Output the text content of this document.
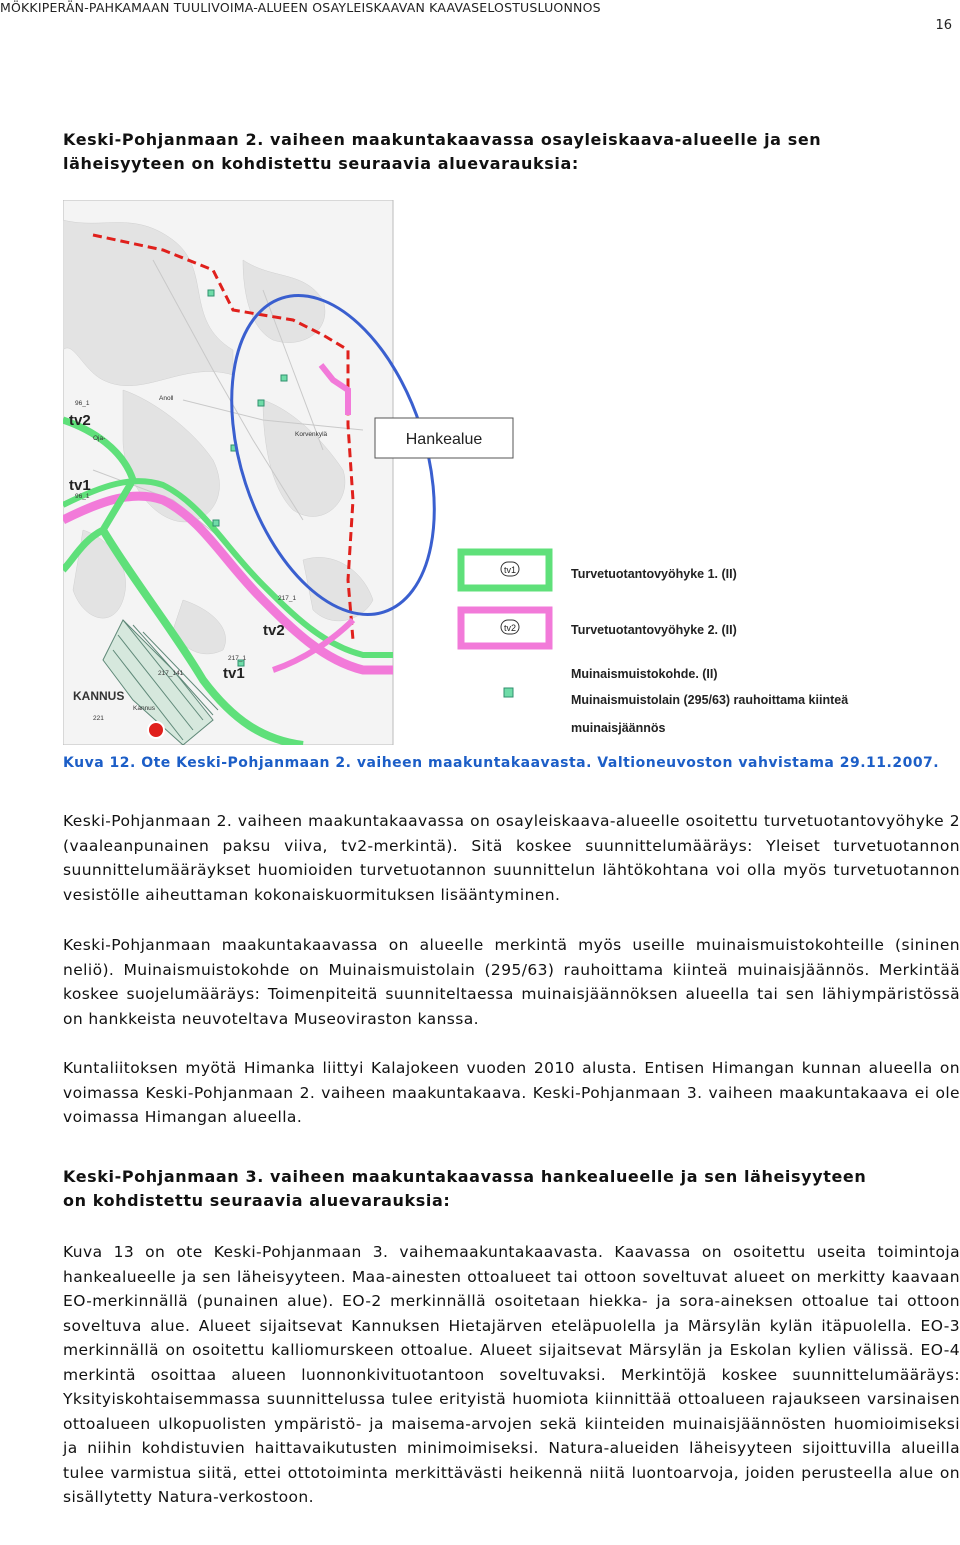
MÖKKIPERÄN-PAHKAMAAN TUULIVOIMA-ALUEEN OSAYLEISKAAVAN KAAVASELOSTUSLUONNOS
16
Keski-Pohjanmaan 2. vaiheen maakuntakaavassa osayleiskaava-alueelle ja sen läheisyyteen on kohdistettu seuraavia aluevarauksia:
tv2
tv1
tv2
tv1
KANNUS
96_1
96_1
217_1
217_1
217_141
221
Korvenkylä
Oja-
Anoll
Kannus
Hankealue
tv1	Turvetuotantovyöhyke 1. (II)
tv2	Turvetuotantovyöhyke 2. (II)
Muinaismuistokohde. (II)
Muinaismuistolain (295/63) rauhoittama kiinteä
muinaisjäännös
Kuva 12. Ote Keski-Pohjanmaan 2. vaiheen maakuntakaavasta. Valtioneuvoston vahvistama 29.11.2007.

Keski-Pohjanmaan 2. vaiheen maakuntakaavassa on osayleiskaava-alueelle osoitettu turvetuotantovyöhyke 2 (vaaleanpunainen paksu viiva, tv2-merkintä). Sitä koskee suunnittelumääräys: Yleiset turvetuotannon suunnittelumääräykset huomioiden turvetuotannon suunnittelun lähtökohtana voi olla myös turvetuotannon vesistölle aiheuttaman kokonaiskuormituksen lisääntyminen.

Keski-Pohjanmaan maakuntakaavassa on alueelle merkintä myös useille muinaismuistokohteille (sininen neliö). Muinaismuistokohde on Muinaismuistolain (295/63) rauhoittama kiinteä muinaisjäännös. Merkintää koskee suojelumääräys: Toimenpiteitä suunniteltaessa muinaisjäännöksen alueella tai sen lähiympäristössä on hankkeista neuvoteltava Museoviraston kanssa.

Kuntaliitoksen myötä Himanka liittyi Kalajokeen vuoden 2010 alusta. Entisen Himangan kunnan alueella on voimassa Keski-Pohjanmaan 2. vaiheen maakuntakaava. Keski-Pohjanmaan 3. vaiheen maakuntakaava ei ole voimassa Himangan alueella.

Keski-Pohjanmaan 3. vaiheen maakuntakaavassa hankealueelle ja sen läheisyyteen on kohdistettu seuraavia aluevarauksia:

Kuva 13 on ote Keski-Pohjanmaan 3. vaihemaakuntakaavasta. Kaavassa on osoitettu useita toimintoja hankealueelle ja sen läheisyyteen. Maa-ainesten ottoalueet tai ottoon soveltuvat alueet on merkitty kaavaan EO-merkinnällä (punainen alue). EO-2 merkinnällä osoitetaan hiekka- ja sora-aineksen ottoalue tai ottoon soveltuva alue. Alueet sijaitsevat Kannuksen Hietajärven eteläpuolella ja Märsylän kylän itäpuolella. EO-3 merkinnällä on osoitettu kalliomurskeen ottoalue. Alueet sijaitsevat Märsylän ja Eskolan kylien välissä. EO-4 merkintä osoittaa alueen luonnonkivituotantoon soveltuvaksi. Merkintöjä koskee suunnittelumääräys: Yksityiskohtaisemmassa suunnittelussa tulee erityistä huomiota kiinnittää ottoalueen rajaukseen varsinaisen ottoalueen ulkopuolisten ympäristö- ja maisema-arvojen sekä kiinteiden muinaisjäännösten huomioimiseksi ja niihin kohdistuvien haittavaikutusten minimoimiseksi. Natura-alueiden läheisyyteen sijoittuvilla alueilla tulee varmistua siitä, ettei ottotoiminta merkittävästi heikennä niitä luontoarvoja, joiden perusteella alue on sisällytetty Natura-verkostoon.
